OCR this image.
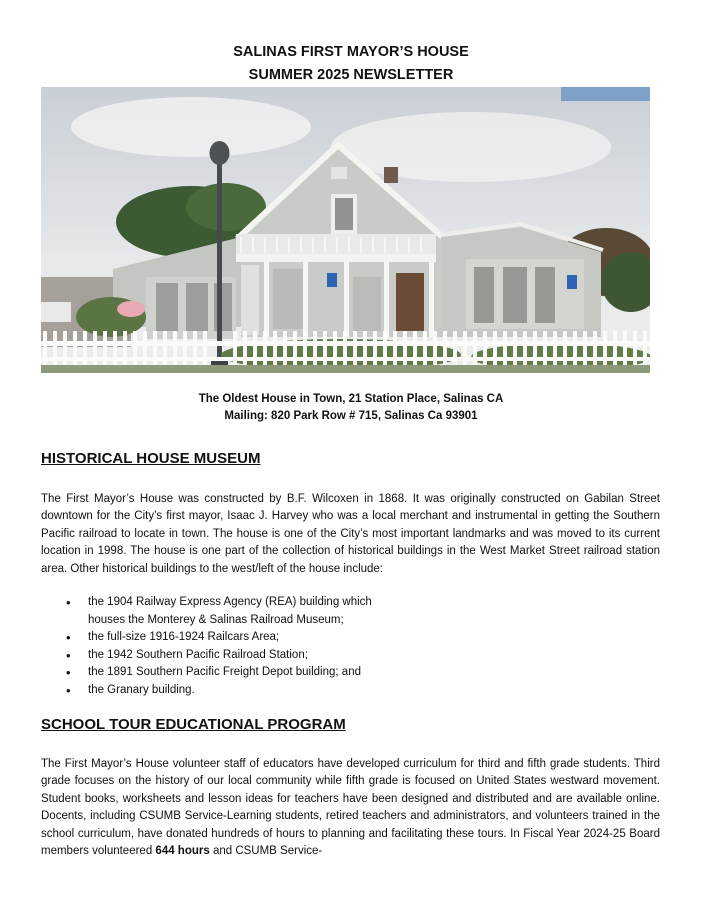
SALINAS FIRST MAYOR’S HOUSE
SUMMER 2025 NEWSLETTER
The Oldest House in Town, 21 Station Place, Salinas CA
Mailing: 820 Park Row # 715, Salinas Ca 93901
HISTORICAL HOUSE MUSEUM
The First Mayor’s House was constructed by B.F. Wilcoxen in 1868. It was originally constructed on Gabilan Street downtown for the City’s first mayor, Isaac J. Harvey who was a local merchant and instrumental in getting the Southern Pacific railroad to locate in town. The house is one of the City’s most important landmarks and was moved to its current location in 1998. The house is one part of the collection of historical buildings in the West Market Street railroad station area. Other historical buildings to the west/left of the house include:
• the 1904 Railway Express Agency (REA) building which
houses the Monterey & Salinas Railroad Museum;
• the full-size 1916-1924 Railcars Area;
• the 1942 Southern Pacific Railroad Station;
• the 1891 Southern Pacific Freight Depot building; and
• the Granary building.
SCHOOL TOUR EDUCATIONAL PROGRAM
The First Mayor’s House volunteer staff of educators have developed curriculum for third and fifth grade students. Third grade focuses on the history of our local community while fifth grade is focused on United States westward movement. Student books, worksheets and lesson ideas for teachers have been designed and distributed and are available online. Docents, including CSUMB Service-Learning students, retired teachers and administrators, and volunteers trained in the school curriculum, have donated hundreds of hours to planning and facilitating these tours. In Fiscal Year 2024-25 Board members volunteered 644 hours and CSUMB Service-
